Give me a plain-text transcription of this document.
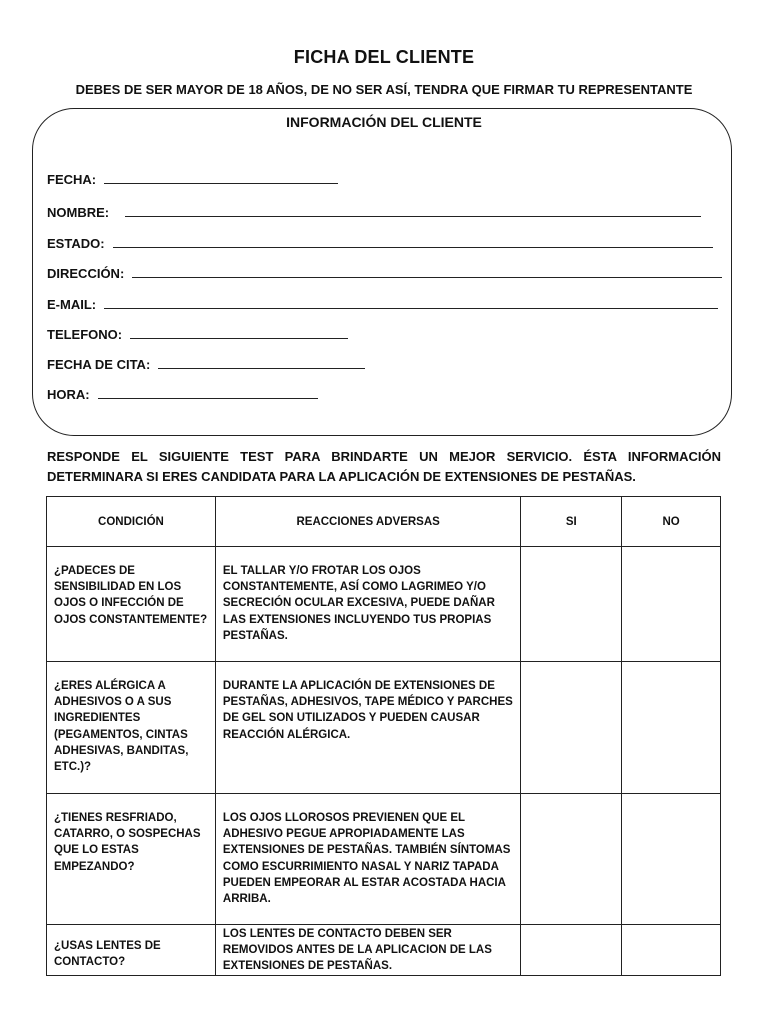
FICHA DEL CLIENTE
DEBES DE SER MAYOR DE 18 AÑOS, DE NO SER ASÍ, TENDRA QUE FIRMAR TU REPRESENTANTE
INFORMACIÓN DEL CLIENTE
FECHA:
NOMBRE:
ESTADO:
DIRECCIÓN:
E-MAIL:
TELEFONO:
FECHA DE CITA:
HORA:
RESPONDE EL SIGUIENTE TEST PARA BRINDARTE UN MEJOR SERVICIO. ÉSTA INFORMACIÓN DETERMINARA SI ERES CANDIDATA PARA LA APLICACIÓN DE EXTENSIONES DE PESTAÑAS.
CONDICIÓN	REACCIONES ADVERSAS	SI	NO

¿PADECES DE SENSIBILIDAD EN LOS OJOS O INFECCIÓN DE OJOS CONSTANTEMENTE?	EL TALLAR Y/O FROTAR LOS OJOS CONSTANTEMENTE, ASÍ COMO LAGRIMEO Y/O SECRECIÓN OCULAR EXCESIVA, PUEDE DAÑAR LAS EXTENSIONES INCLUYENDO TUS PROPIAS PESTAÑAS.		

¿ERES ALÉRGICA A ADHESIVOS O A SUS INGREDIENTES (PEGAMENTOS, CINTAS ADHESIVAS, BANDITAS, ETC.)?	DURANTE LA APLICACIÓN DE EXTENSIONES DE PESTAÑAS, ADHESIVOS, TAPE MÉDICO Y PARCHES DE GEL SON UTILIZADOS Y PUEDEN CAUSAR REACCIÓN ALÉRGICA.		

¿TIENES RESFRIADO, CATARRO, O SOSPECHAS QUE LO ESTAS EMPEZANDO?	LOS OJOS LLOROSOS PREVIENEN QUE EL ADHESIVO PEGUE APROPIADAMENTE LAS EXTENSIONES DE PESTAÑAS. TAMBIÉN SÍNTOMAS COMO ESCURRIMIENTO NASAL Y NARIZ TAPADA PUEDEN EMPEORAR AL ESTAR ACOSTADA HACIA ARRIBA.		

¿USAS LENTES DE CONTACTO?	LOS LENTES DE CONTACTO DEBEN SER REMOVIDOS ANTES DE LA APLICACION DE LAS EXTENSIONES DE PESTAÑAS.		
